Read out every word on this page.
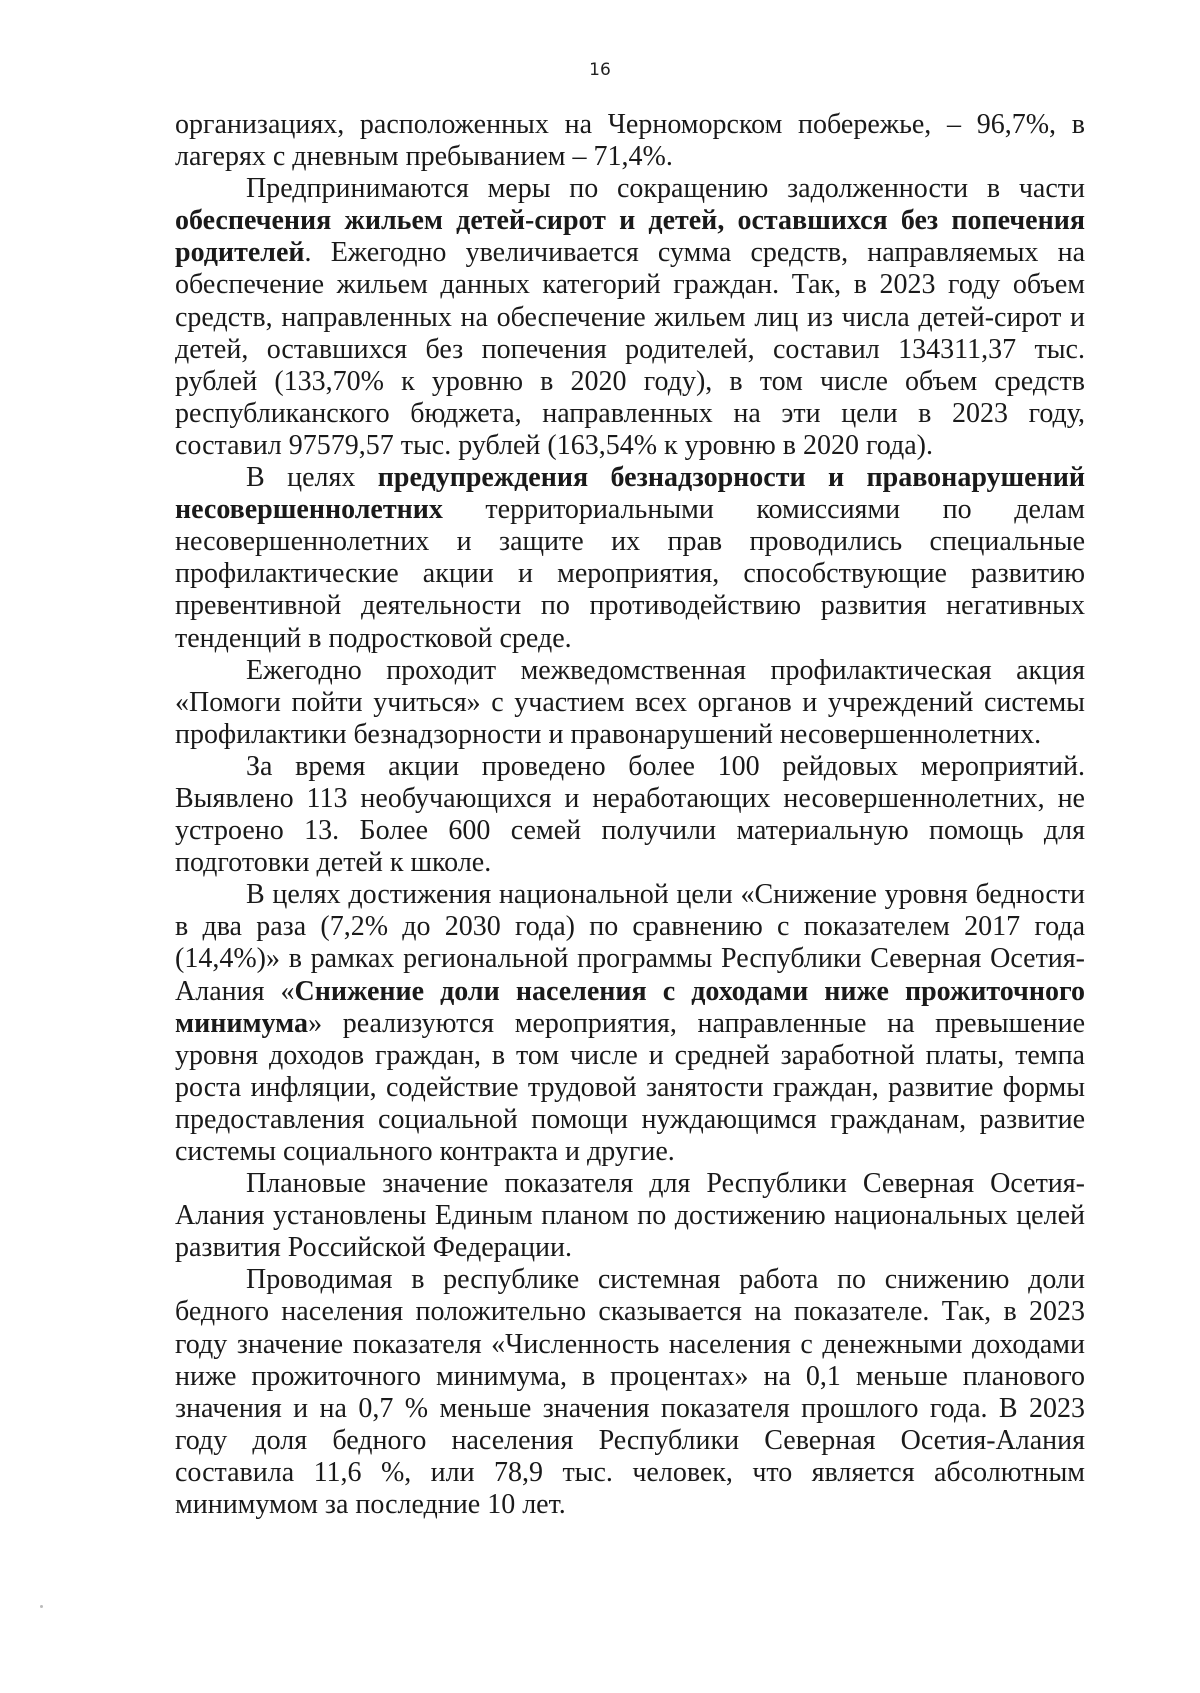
16

организациях, расположенных на Черноморском побережье, – 96,7%, в лагерях с дневным пребыванием – 71,4%.

Предпринимаются меры по сокращению задолженности в части обеспечения жильем детей-сирот и детей, оставшихся без попечения родителей. Ежегодно увеличивается сумма средств, направляемых на обеспечение жильем данных категорий граждан. Так, в 2023 году объем средств, направленных на обеспечение жильем лиц из числа детей-сирот и детей, оставшихся без попечения родителей, составил 134311,37 тыс. рублей (133,70% к уровню в 2020 году), в том числе объем средств республиканского бюджета, направленных на эти цели в 2023 году, составил 97579,57 тыс. рублей (163,54% к уровню в 2020 года).

В целях предупреждения безнадзорности и правонарушений несовершеннолетних территориальными комиссиями по делам несовершеннолетних и защите их прав проводились специальные профилактические акции и мероприятия, способствующие развитию превентивной деятельности по противодействию развития негативных тенденций в подростковой среде.

Ежегодно проходит межведомственная профилактическая акция «Помоги пойти учиться» с участием всех органов и учреждений системы профилактики безнадзорности и правонарушений несовершеннолетних.

За время акции проведено более 100 рейдовых мероприятий. Выявлено 113 необучающихся и неработающих несовершеннолетних, не устроено 13. Более 600 семей получили материальную помощь для подготовки детей к школе.

В целях достижения национальной цели «Снижение уровня бедности в два раза (7,2% до 2030 года) по сравнению с показателем 2017 года (14,4%)» в рамках региональной программы Республики Северная Осетия-Алания «Снижение доли населения с доходами ниже прожиточного минимума» реализуются мероприятия, направленные на превышение уровня доходов граждан, в том числе и средней заработной платы, темпа роста инфляции, содействие трудовой занятости граждан, развитие формы предоставления социальной помощи нуждающимся гражданам, развитие системы социального контракта и другие.

Плановые значение показателя для Республики Северная Осетия-Алания установлены Единым планом по достижению национальных целей развития Российской Федерации.

Проводимая в республике системная работа по снижению доли бедного населения положительно сказывается на показателе. Так, в 2023 году значение показателя «Численность населения с денежными доходами ниже прожиточного минимума, в процентах» на 0,1 меньше планового значения и на 0,7 % меньше значения показателя прошлого года. В 2023 году доля бедного населения Республики Северная Осетия-Алания составила 11,6 %, или 78,9 тыс. человек, что является абсолютным минимумом за последние 10 лет.
